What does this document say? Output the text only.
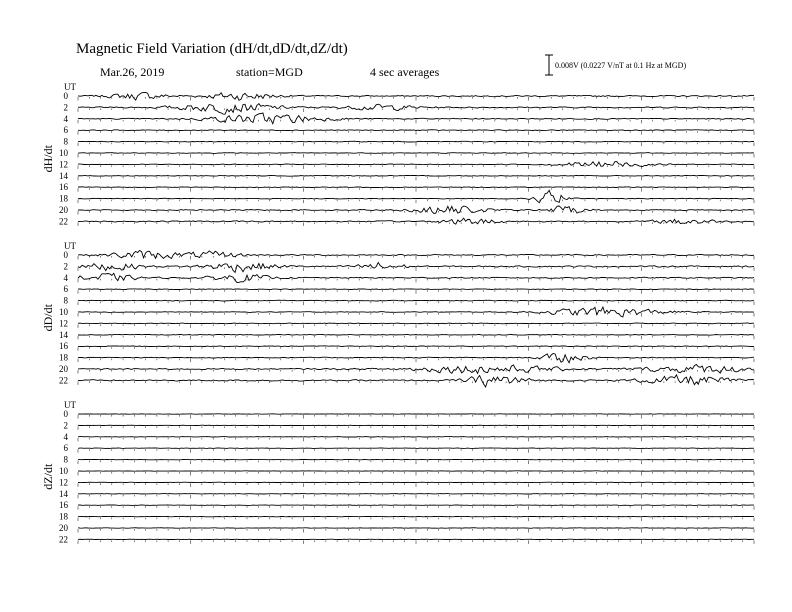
Magnetic Field Variation (dH/dt,dD/dt,dZ/dt)
Mar.26, 2019	station=MGD	4 sec averages	0.008V (0.0227 V/nT at 0.1 Hz at MGD)
UT
dH/dt
0
2
4
6
8
10
12
14
16
18
20
22
UT
dD/dt
0
2
4
6
8
10
12
14
16
18
20
22
UT
dZ/dt
0
2
4
6
8
10
12
14
16
18
20
22
